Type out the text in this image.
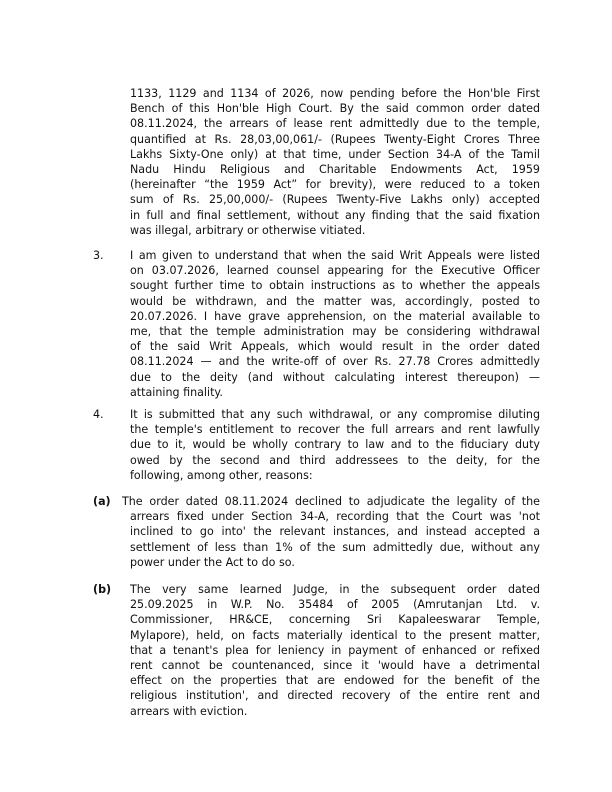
1133, 1129 and 1134 of 2026, now pending before the Hon'ble First
Bench of this Hon'ble High Court. By the said common order dated
08.11.2024, the arrears of lease rent admittedly due to the temple,
quantified at Rs. 28,03,00,061/- (Rupees Twenty-Eight Crores Three
Lakhs Sixty-One only) at that time, under Section 34-A of the Tamil
Nadu Hindu Religious and Charitable Endowments Act, 1959
(hereinafter “the 1959 Act” for brevity), were reduced to a token
sum of Rs. 25,00,000/- (Rupees Twenty-Five Lakhs only) accepted
in full and final settlement, without any finding that the said fixation
was illegal, arbitrary or otherwise vitiated.
3. I am given to understand that when the said Writ Appeals were listed
on 03.07.2026, learned counsel appearing for the Executive Officer
sought further time to obtain instructions as to whether the appeals
would be withdrawn, and the matter was, accordingly, posted to
20.07.2026. I have grave apprehension, on the material available to
me, that the temple administration may be considering withdrawal
of the said Writ Appeals, which would result in the order dated
08.11.2024 — and the write-off of over Rs. 27.78 Crores admittedly
due to the deity (and without calculating interest thereupon) —
attaining finality.
4. It is submitted that any such withdrawal, or any compromise diluting
the temple's entitlement to recover the full arrears and rent lawfully
due to it, would be wholly contrary to law and to the fiduciary duty
owed by the second and third addressees to the deity, for the
following, among other, reasons:
(a) The order dated 08.11.2024 declined to adjudicate the legality of the
arrears fixed under Section 34-A, recording that the Court was 'not
inclined to go into' the relevant instances, and instead accepted a
settlement of less than 1% of the sum admittedly due, without any
power under the Act to do so.
(b) The very same learned Judge, in the subsequent order dated
25.09.2025 in W.P. No. 35484 of 2005 (Amrutanjan Ltd. v.
Commissioner, HR&CE, concerning Sri Kapaleeswarar Temple,
Mylapore), held, on facts materially identical to the present matter,
that a tenant's plea for leniency in payment of enhanced or refixed
rent cannot be countenanced, since it 'would have a detrimental
effect on the properties that are endowed for the benefit of the
religious institution', and directed recovery of the entire rent and
arrears with eviction.
